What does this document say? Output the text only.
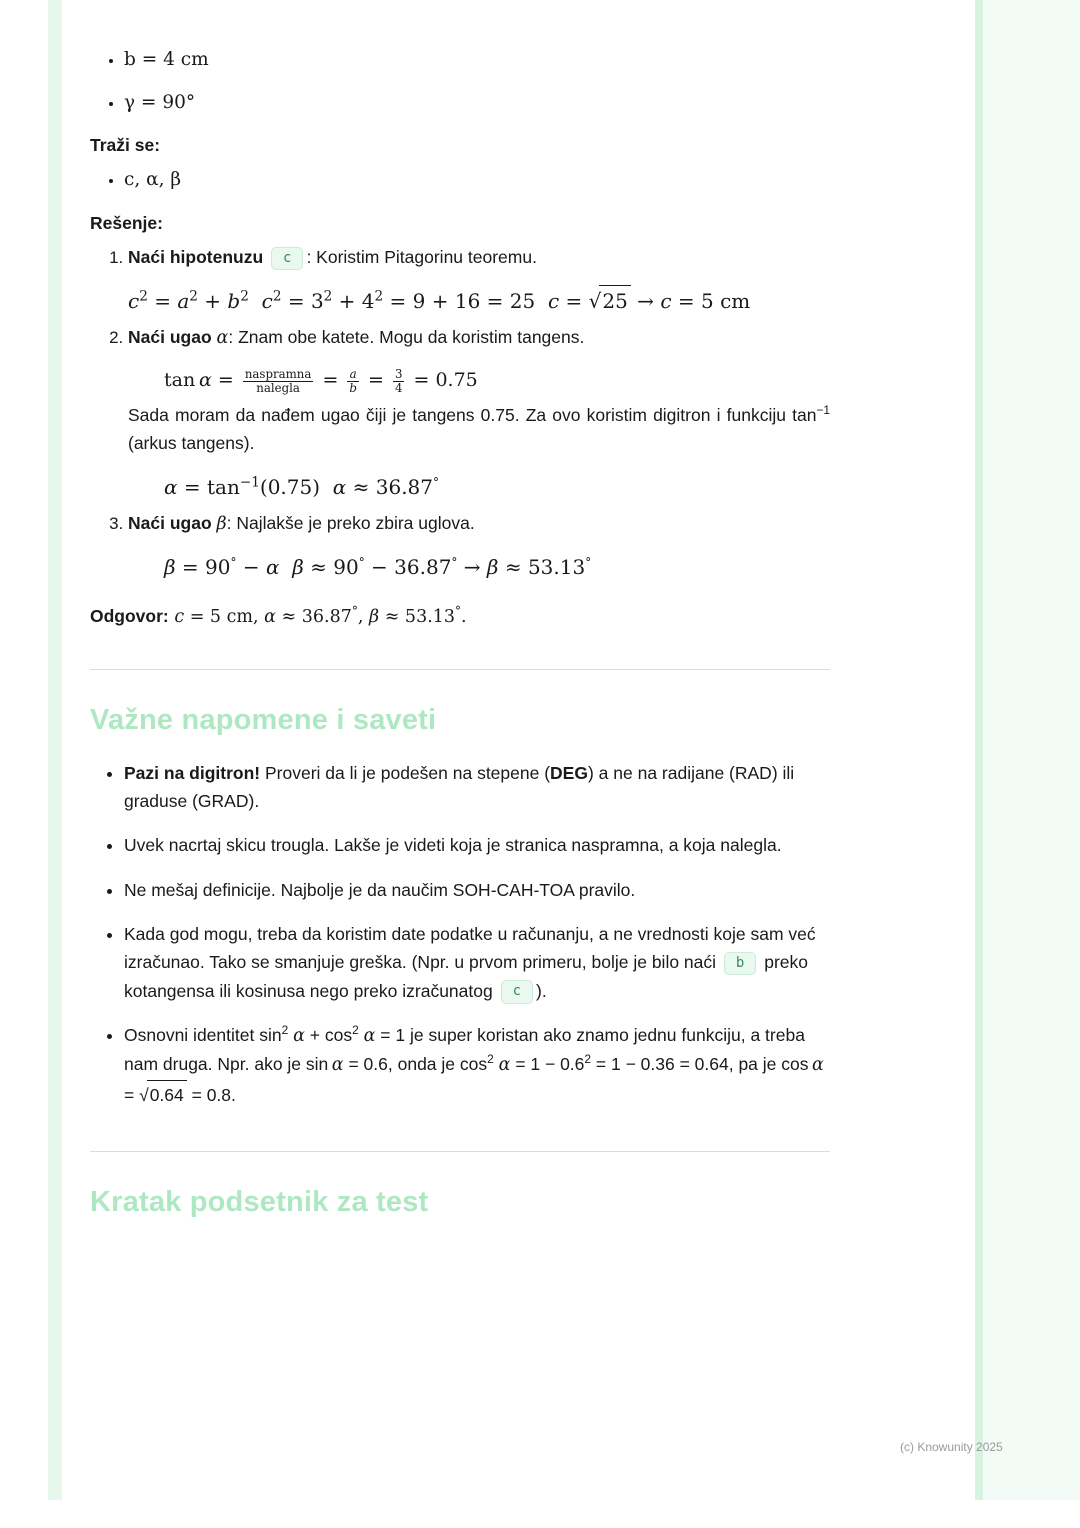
• b = 4 cm
• γ = 90°
Traži se:
• c, α, β
Rešenje:
1. Naći hipotenuzu c : Koristim Pitagorinu teoremu.
$c^2 = a^2 + b^2$ $c^2 = 3^2 + 4^2 = 9 + 16 = 25$  c = √25 → c = 5 cm
2. Naći ugao α: Znam obe katete. Mogu da koristim tangens.
$\tan \alpha = \frac{\text{naspramna}}{\text{nalegla}} = \frac{a}{b} = \frac{3}{4} = 0.75$
Sada moram da nađem ugao čiji je tangens 0.75. Za ovo koristim digitron i funkciju $\tan^{-1}$ (arkus tangens).
$\alpha = \tan^{-1}(0.75) \alpha \approx 36.87^\circ$
3. Naći ugao β: Najlakše je preko zbira uglova.
β = 90° − α β ≈ 90° − 36.87° → β ≈ 53.13°
Odgovor: c = 5 cm, α ≈ 36.87°, β ≈ 53.13°.
Važne napomene i saveti
• Pazi na digitron! Proveri da li je podešen na stepene (DEG) a ne na radijane (RAD) ili graduse (GRAD).
• Uvek nacrtaj skicu trougla. Lakše je videti koja je stranica naspramna, a koja nalegla.
• Ne mešaj definicije. Najbolje je da naučim SOH-CAH-TOA pravilo.
• Kada god mogu, treba da koristim date podatke u računanju, a ne vrednosti koje sam već izračunao. Tako se smanjuje greška. (Npr. u prvom primeru, bolje je bilo naći b preko kotangensa ili kosinusa nego preko izračunatog c ).
• Osnovni identitet $\sin^2 \alpha + \cos^2 \alpha = 1$ je super koristan ako znamo jednu funkciju, a treba nam druga. Npr. ako je sin α = 0.6, onda je $\cos^2 \alpha = 1 - 0.6^2 = 1 - 0.36 = 0.64$, pa je cos α = √0.64 = 0.8.
Kratak podsetnik za test
(c) Knowunity 2025
